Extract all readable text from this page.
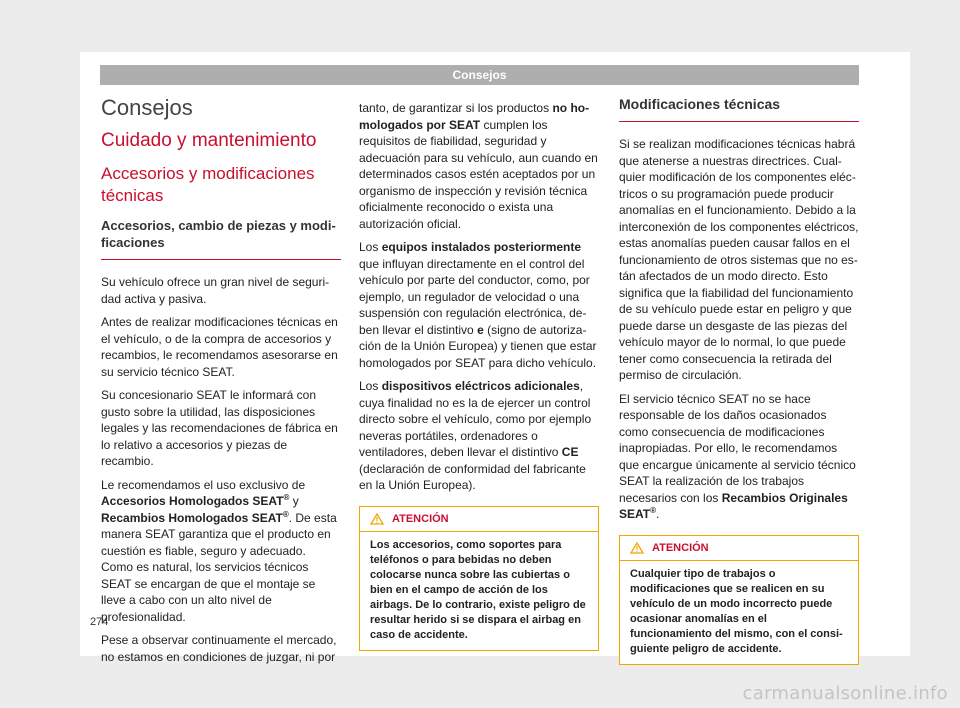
Consejos
Consejos
Cuidado y mantenimiento
Accesorios y modificaciones técnicas
Accesorios, cambio de piezas y modificaciones

Su vehículo ofrece un gran nivel de seguridad activa y pasiva.

Antes de realizar modificaciones técnicas en el vehículo, o de la compra de accesorios y recambios, le recomendamos asesorarse en su servicio técnico SEAT.

Su concesionario SEAT le informará con gusto sobre la utilidad, las disposiciones legales y las recomendaciones de fábrica en lo relativo a accesorios y piezas de recambio.

Le recomendamos el uso exclusivo de Accesorios Homologados SEAT® y Recambios Homologados SEAT®. De esta manera SEAT garantiza que el producto en cuestión es fiable, seguro y adecuado. Como es natural, los servicios técnicos SEAT se encargan de que el montaje se lleve a cabo con un alto nivel de profesionalidad.

Pese a observar continuamente el mercado, no estamos en condiciones de juzgar, ni por

tanto, de garantizar si los productos no homologados por SEAT cumplen los requisitos de fiabilidad, seguridad y adecuación para su vehículo, aun cuando en determinados casos estén aceptados por un organismo de inspección y revisión técnica oficialmente reconocido o exista una autorización oficial.

Los equipos instalados posteriormente que influyan directamente en el control del vehículo por parte del conductor, como, por ejemplo, un regulador de velocidad o una suspensión con regulación electrónica, deben llevar el distintivo e (signo de autorización de la Unión Europea) y tienen que estar homologados por SEAT para dicho vehículo.

Los dispositivos eléctricos adicionales, cuya finalidad no es la de ejercer un control directo sobre el vehículo, como por ejemplo neveras portátiles, ordenadores o ventiladores, deben llevar el distintivo CE (declaración de conformidad del fabricante en la Unión Europea).

ATENCIÓN
Los accesorios, como soportes para teléfonos o para bebidas no deben colocarse nunca sobre las cubiertas o bien en el campo de acción de los airbags. De lo contrario, existe peligro de resultar herido si se dispara el airbag en caso de accidente.
Modificaciones técnicas

Si se realizan modificaciones técnicas habrá que atenerse a nuestras directrices. Cualquier modificación de los componentes eléctricos o su programación puede producir anomalías en el funcionamiento. Debido a la interconexión de los componentes eléctricos, estas anomalías pueden causar fallos en el funcionamiento de otros sistemas que no están afectados de un modo directo. Esto significa que la fiabilidad del funcionamiento de su vehículo puede estar en peligro y que puede darse un desgaste de las piezas del vehículo mayor de lo normal, lo que puede tener como consecuencia la retirada del permiso de circulación.

El servicio técnico SEAT no se hace responsable de los daños ocasionados como consecuencia de modificaciones inapropiadas. Por ello, le recomendamos que encargue únicamente al servicio técnico SEAT la realización de los trabajos necesarios con los Recambios Originales SEAT®.

ATENCIÓN
Cualquier tipo de trabajos o modificaciones que se realicen en su vehículo de un modo incorrecto puede ocasionar anomalías en el funcionamiento del mismo, con el consiguiente peligro de accidente.
274
carmanualsonline.info
